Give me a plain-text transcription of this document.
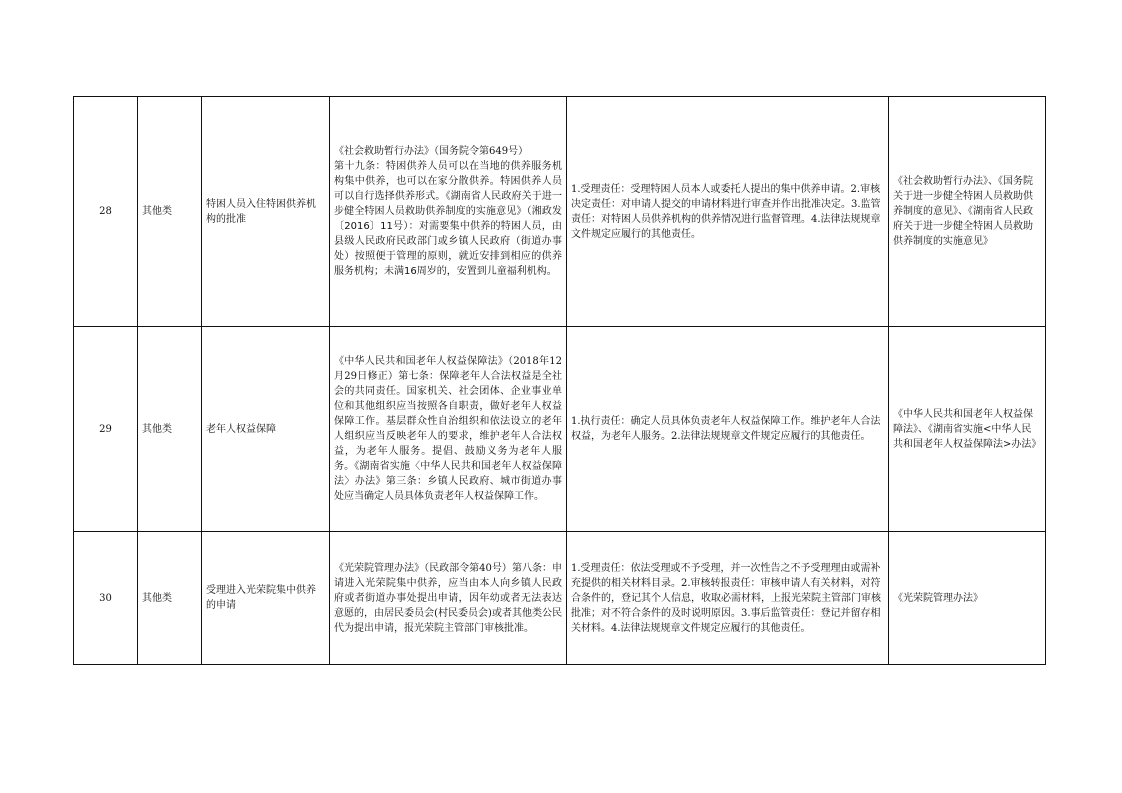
28	其他类	特困人员入住特困供养机构的批准	《社会救助暂行办法》（国务院令第649号）
第十九条：特困供养人员可以在当地的供养服务机构集中供养，也可以在家分散供养。特困供养人员可以自行选择供养形式。《湖南省人民政府关于进一步健全特困人员救助供养制度的实施意见》（湘政发〔2016〕11号）：对需要集中供养的特困人员，由县级人民政府民政部门或乡镇人民政府（街道办事处）按照便于管理的原则，就近安排到相应的供养服务机构；未满16周岁的，安置到儿童福利机构。	1.受理责任：受理特困人员本人或委托人提出的集中供养申请。2.审核决定责任：对申请人提交的申请材料进行审查并作出批准决定。3.监管责任：对特困人员供养机构的供养情况进行监督管理。4.法律法规规章文件规定应履行的其他责任。	《社会救助暂行办法》、《国务院关于进一步健全特困人员救助供养制度的意见》、《湖南省人民政府关于进一步健全特困人员救助供养制度的实施意见》
29	其他类	老年人权益保障	《中华人民共和国老年人权益保障法》（2018年12月29日修正）第七条：保障老年人合法权益是全社会的共同责任。国家机关、社会团体、企业事业单位和其他组织应当按照各自职责，做好老年人权益保障工作。基层群众性自治组织和依法设立的老年人组织应当反映老年人的要求，维护老年人合法权益，为老年人服务。提倡、鼓励义务为老年人服务。《湖南省实施〈中华人民共和国老年人权益保障法〉办法》第三条：乡镇人民政府、城市街道办事处应当确定人员具体负责老年人权益保障工作。	1.执行责任：确定人员具体负责老年人权益保障工作。维护老年人合法权益，为老年人服务。2.法律法规规章文件规定应履行的其他责任。	《中华人民共和国老年人权益保障法》、《湖南省实施<中华人民共和国老年人权益保障法>办法》
30	其他类	受理进入光荣院集中供养的申请	《光荣院管理办法》（民政部令第40号）第八条：申请进入光荣院集中供养，应当由本人向乡镇人民政府或者街道办事处提出申请，因年幼或者无法表达意愿的，由居民委员会(村民委员会)或者其他类公民代为提出申请，报光荣院主管部门审核批准。	1.受理责任：依法受理或不予受理，并一次性告之不予受理理由或需补充提供的相关材料目录。2.审核转报责任：审核申请人有关材料，对符合条件的，登记其个人信息，收取必需材料，上报光荣院主管部门审核批准；对不符合条件的及时说明原因。3.事后监管责任：登记并留存相关材料。4.法律法规规章文件规定应履行的其他责任。	《光荣院管理办法》
